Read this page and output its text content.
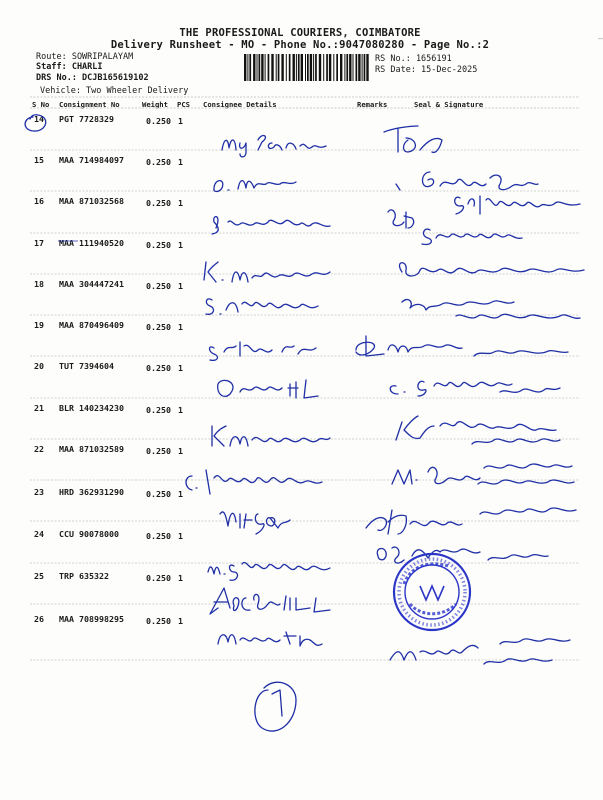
THE PROFESSIONAL COURIERS, COIMBATORE
Delivery Runsheet - MO - Phone No.:9047080280 - Page No.:2
Route: SOWRIPALAYAM
Staff: CHARLI
DRS No.: DCJB165619102
Vehicle: Two Wheeler Delivery
RS No.: 1656191
RS Date: 15-Dec-2025
–
S No Consignment No	Weight PCS Consignee Details	Remarks	Seal & Signature
14 PGT 7728329	0.250 1
15 MAA 714984097	0.250 1
16 MAA 871032568	0.250 1
17 MAA 111940520	0.250 1
18 MAA 304447241	0.250 1
19 MAA 870496409	0.250 1
20 TUT 7394604	0.250 1
21 BLR 140234230	0.250 1
22 MAA 871032589	0.250 1
23 HRD 362931290	0.250 1
24 CCU 90078000	0.250 1
25 TRP 635322	0.250 1
26 MAA 708998295	0.250 1
